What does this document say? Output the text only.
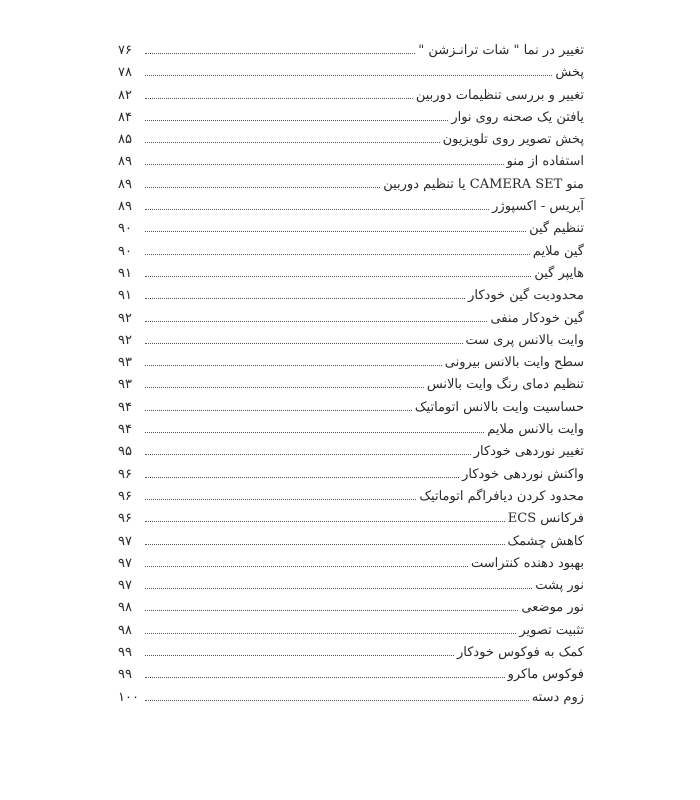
تغییر در نما " شات ترانـزشن "
۷۶
پخش
۷۸
تغییر و بررسی تنظیمات دوربین
۸۲
یافتن یک صحنه روی نوار
۸۴
پخش تصویر روی تلویزیون
۸۵
استفاده از منو
۸۹
منو CAMERA SET یا تنظیم دوربین
۸۹
آیریس - اکسپوژر
۸۹
تنظیم گین
۹۰
گین ملایم
۹۰
هایپر گین
۹۱
محدودیت گین خودکار
۹۱
گین خودکار منفی
۹۲
وایت بالانس پری ست
۹۲
سطح وایت بالانس بیرونی
۹۳
تنظیم دمای رنگ وایت بالانس
۹۳
حساسیت وایت بالانس اتوماتیک
۹۴
وایت بالانس ملایم
۹۴
تغییر نوردهی خودکار
۹۵
واکنش نوردهی خودکار
۹۶
محدود کردن دیافراگم اتوماتیک
۹۶
فرکانس ECS
۹۶
کاهش چشمک
۹۷
بهبود دهنده کنتراست
۹۷
نور پشت
۹۷
نور موضعی
۹۸
تثبیت تصویر
۹۸
کمک به فوکوس خودکار
۹۹
فوکوس ماکرو
۹۹
زوم دسته
۱۰۰
